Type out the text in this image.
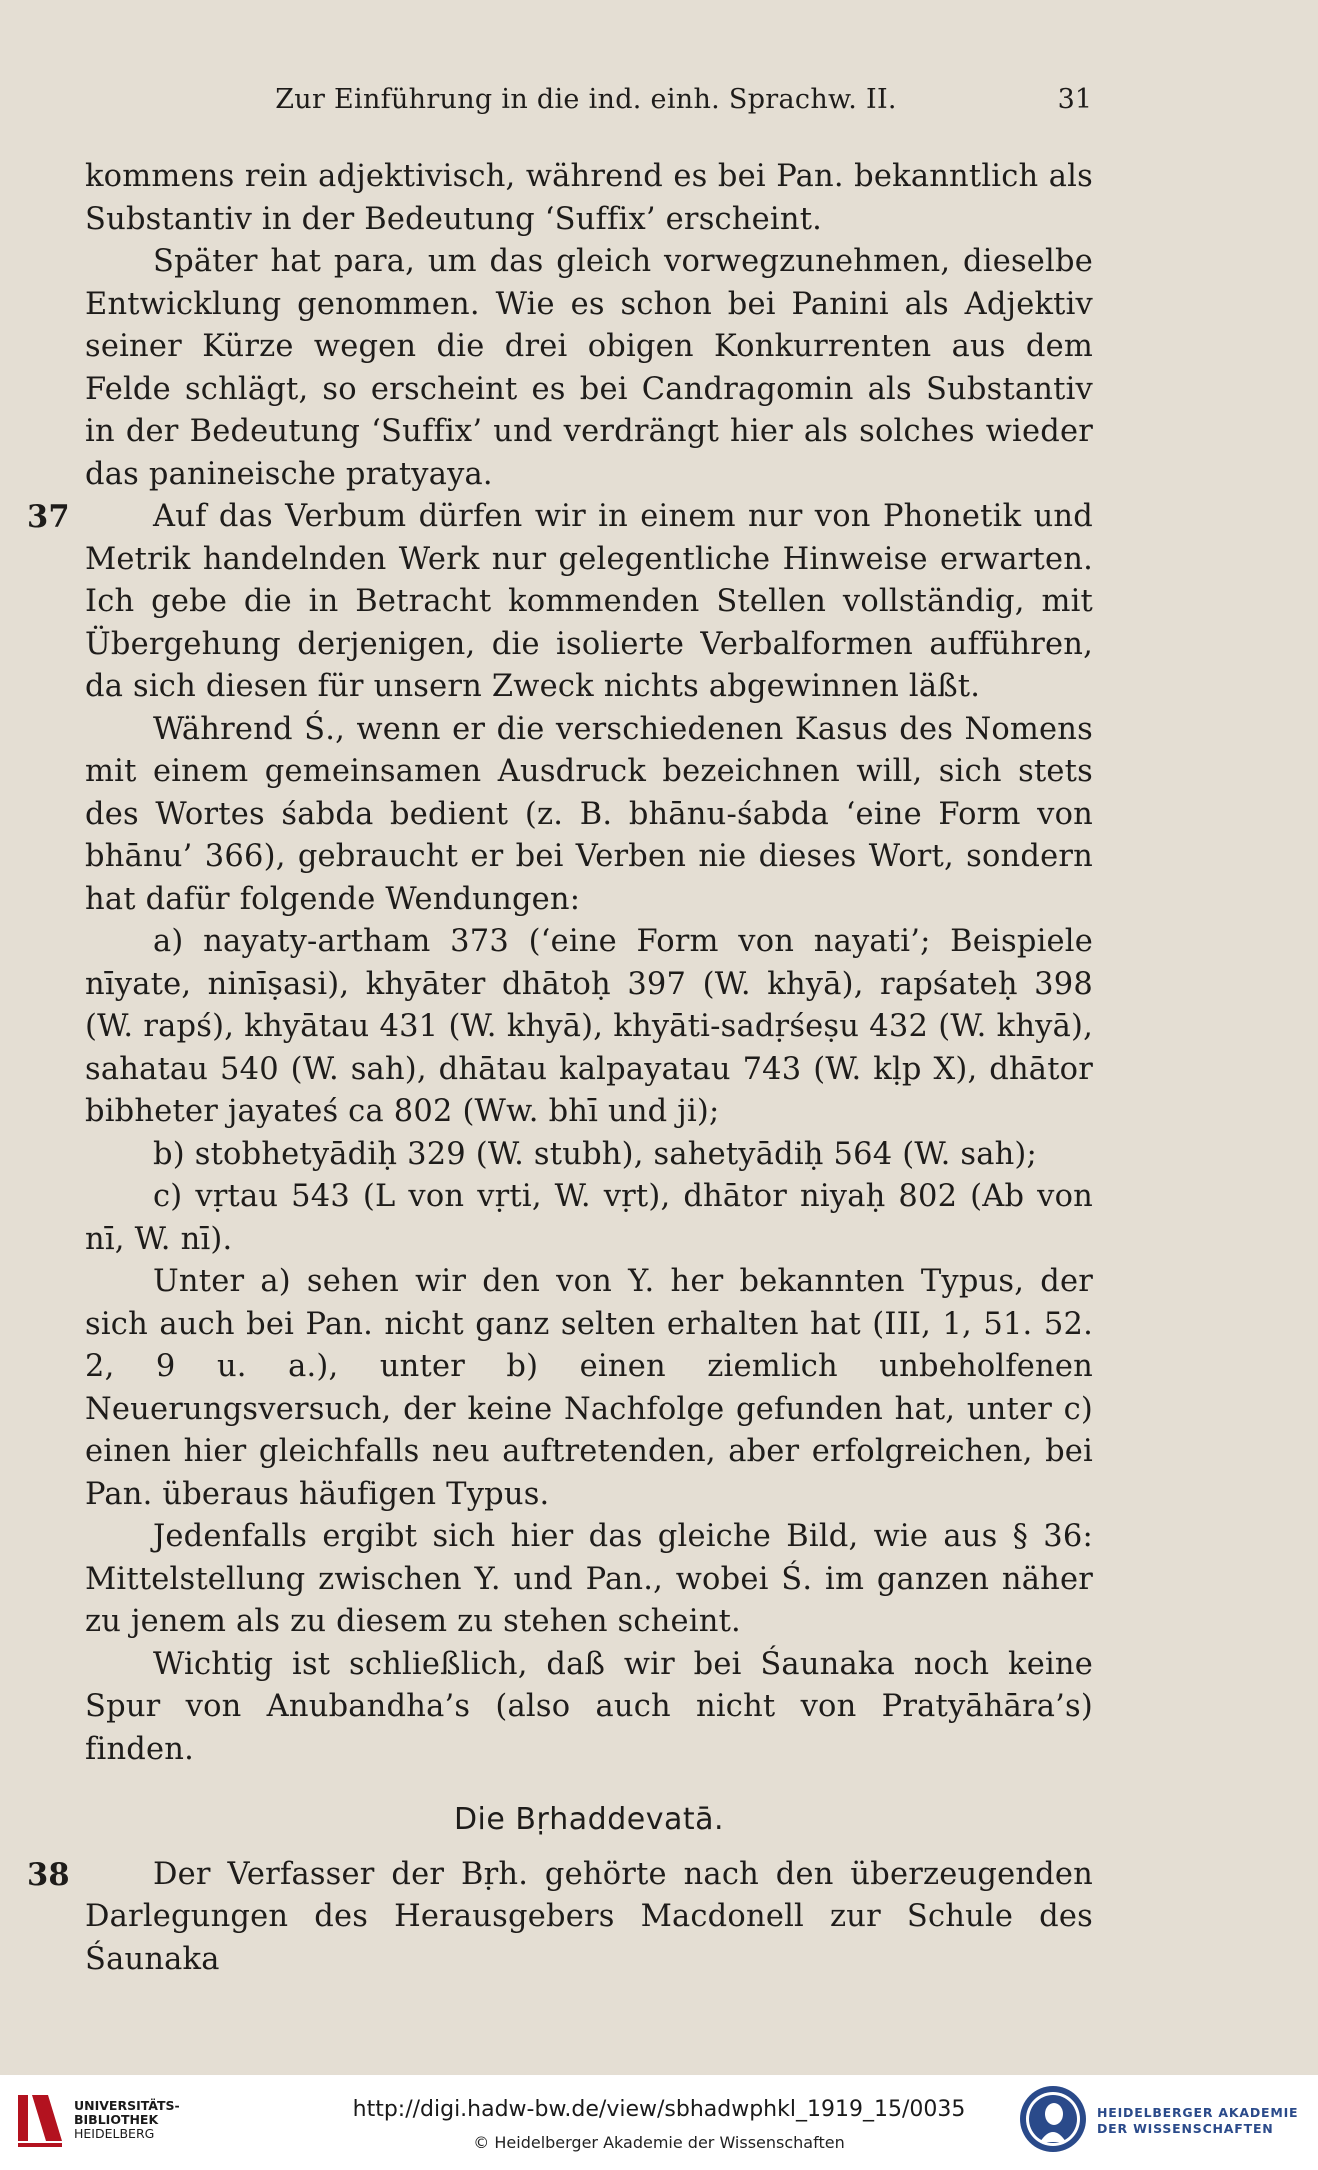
Zur Einführung in die ind. einh. Sprachw. II.	31

kommens rein adjektivisch, während es bei Pan. bekanntlich als Substantiv in der Bedeutung ‘Suffix’ erscheint.

Später hat para, um das gleich vorwegzunehmen, dieselbe Entwicklung genommen. Wie es schon bei Panini als Adjektiv seiner Kürze wegen die drei obigen Konkurrenten aus dem Felde schlägt, so erscheint es bei Candragomin als Substantiv in der Bedeutung ‘Suffix’ und verdrängt hier als solches wieder das panineische pratyaya.

37	Auf das Verbum dürfen wir in einem nur von Phonetik und Metrik handelnden Werk nur gelegentliche Hinweise erwarten. Ich gebe die in Betracht kommenden Stellen vollständig, mit Übergehung derjenigen, die isolierte Verbalformen aufführen, da sich diesen für unsern Zweck nichts abgewinnen läßt.

Während Ś., wenn er die verschiedenen Kasus des Nomens mit einem gemeinsamen Ausdruck bezeichnen will, sich stets des Wortes śabda bedient (z. B. bhānu-śabda ‘eine Form von bhānu’ 366), gebraucht er bei Verben nie dieses Wort, sondern hat dafür folgende Wendungen:

a) nayaty-artham 373 (‘eine Form von nayati’; Beispiele nīyate, ninīṣasi), khyāter dhātoḥ 397 (W. khyā), rapśateḥ 398 (W. rapś), khyātau 431 (W. khyā), khyāti-sadṛśeṣu 432 (W. khyā), sahatau 540 (W. sah), dhātau kalpayatau 743 (W. kḷp X), dhātor bibheter jayateś ca 802 (Ww. bhī und ji);

b) stobhetyādiḥ 329 (W. stubh), sahetyādiḥ 564 (W. sah);

c) vṛtau 543 (L von vṛti, W. vṛt), dhātor niyaḥ 802 (Ab von nī, W. nī).

Unter a) sehen wir den von Y. her bekannten Typus, der sich auch bei Pan. nicht ganz selten erhalten hat (III, 1, 51. 52. 2, 9 u. a.), unter b) einen ziemlich unbeholfenen Neuerungsversuch, der keine Nachfolge gefunden hat, unter c) einen hier gleichfalls neu auftretenden, aber erfolgreichen, bei Pan. überaus häufigen Typus.

Jedenfalls ergibt sich hier das gleiche Bild, wie aus § 36: Mittelstellung zwischen Y. und Pan., wobei Ś. im ganzen näher zu jenem als zu diesem zu stehen scheint.

Wichtig ist schließlich, daß wir bei Śaunaka noch keine Spur von Anubandha’s (also auch nicht von Pratyāhāra’s) finden.

Die Bṛhaddevatā.

38	Der Verfasser der Bṛh. gehörte nach den überzeugenden Darlegungen des Herausgebers Macdonell zur Schule des Śaunaka

UNIVERSITÄTS-
BIBLIOTHEK
HEIDELBERG
http://digi.hadw-bw.de/view/sbhadwphkl_1919_15/0035
© Heidelberger Akademie der Wissenschaften
HEIDELBERGER AKADEMIE
DER WISSENSCHAFTEN
